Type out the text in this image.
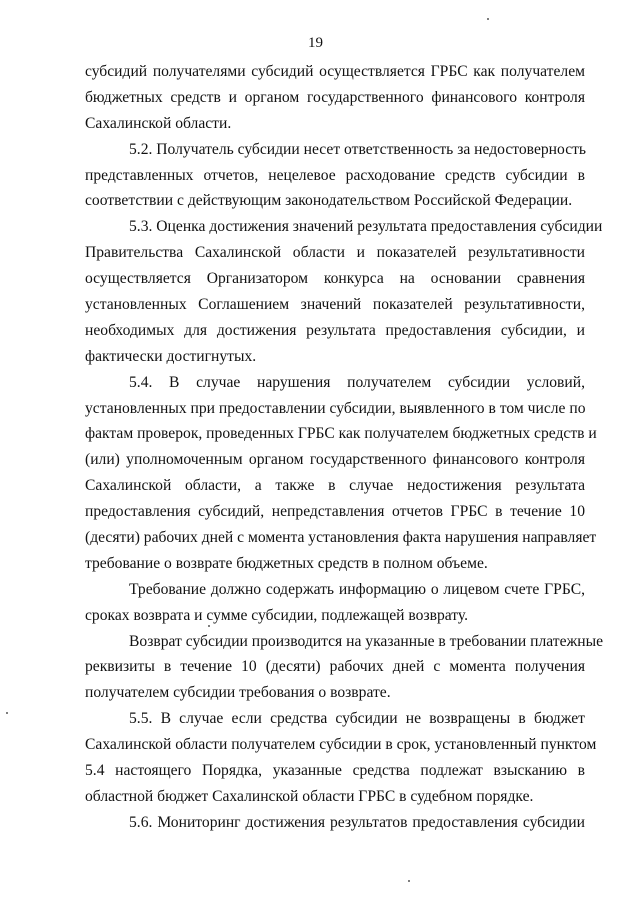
19
субсидий получателями субсидий осуществляется ГРБС как получателем
бюджетных средств и органом государственного финансового контроля
Сахалинской области.
5.2. Получатель субсидии несет ответственность за недостоверность
представленных отчетов, нецелевое расходование средств субсидии в
соответствии с действующим законодательством Российской Федерации.
5.3. Оценка достижения значений результата предоставления субсидии
Правительства Сахалинской области и показателей результативности
осуществляется Организатором конкурса на основании сравнения
установленных Соглашением значений показателей результативности,
необходимых для достижения результата предоставления субсидии, и
фактически достигнутых.
5.4. В случае нарушения получателем субсидии условий,
установленных при предоставлении субсидии, выявленного в том числе по
фактам проверок, проведенных ГРБС как получателем бюджетных средств и
(или) уполномоченным органом государственного финансового контроля
Сахалинской области, а также в случае недостижения результата
предоставления субсидий, непредставления отчетов ГРБС в течение 10
(десяти) рабочих дней с момента установления факта нарушения направляет
требование о возврате бюджетных средств в полном объеме.
Требование должно содержать информацию о лицевом счете ГРБС,
сроках возврата и сумме субсидии, подлежащей возврату.
Возврат субсидии производится на указанные в требовании платежные
реквизиты в течение 10 (десяти) рабочих дней с момента получения
получателем субсидии требования о возврате.
5.5. В случае если средства субсидии не возвращены в бюджет
Сахалинской области получателем субсидии в срок, установленный пунктом
5.4 настоящего Порядка, указанные средства подлежат взысканию в
областной бюджет Сахалинской области ГРБС в судебном порядке.
5.6. Мониторинг достижения результатов предоставления субсидии
